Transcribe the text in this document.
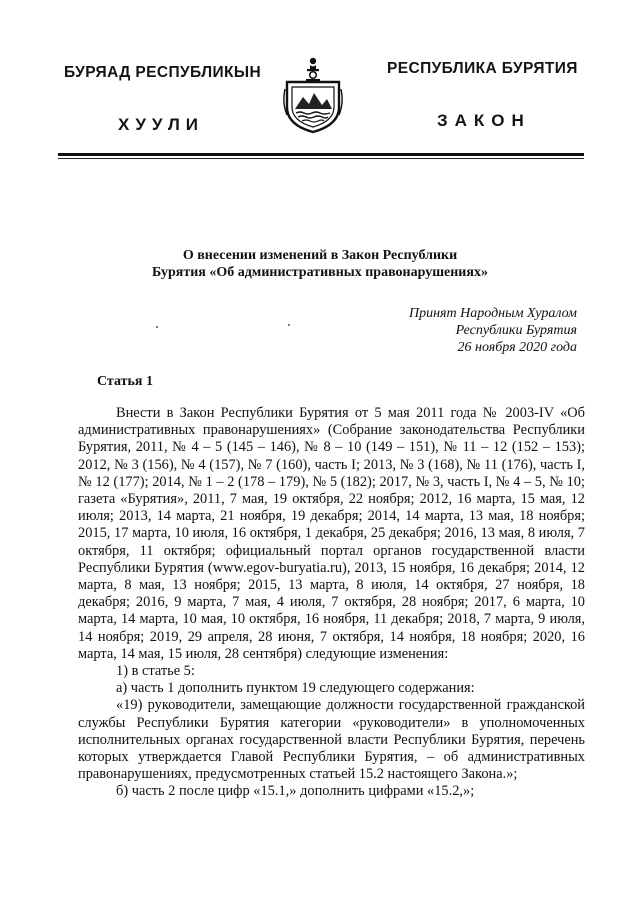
БУРЯАД РЕСПУБЛИКЫН	РЕСПУБЛИКА БУРЯТИЯ
ХУУЛИ	ЗАКОН
О внесении изменений в Закон Республики
Бурятия «Об административных правонарушениях»
Принят Народным Хуралом
Республики Бурятия
26 ноября 2020 года
Статья 1

Внести в Закон Республики Бурятия от 5 мая 2011 года № 2003-IV «Об административных правонарушениях» (Собрание законодательства Республики Бурятия, 2011, № 4 – 5 (145 – 146), № 8 – 10 (149 – 151), № 11 – 12 (152 – 153); 2012, № 3 (156), № 4 (157), № 7 (160), часть I; 2013, № 3 (168), № 11 (176), часть I, № 12 (177); 2014, № 1 – 2 (178 – 179), № 5 (182); 2017, № 3, часть I, № 4 – 5, № 10; газета «Бурятия», 2011, 7 мая, 19 октября, 22 ноября; 2012, 16 марта, 15 мая, 12 июля; 2013, 14 марта, 21 ноября, 19 декабря; 2014, 14 марта, 13 мая, 18 ноября; 2015, 17 марта, 10 июля, 16 октября, 1 декабря, 25 декабря; 2016, 13 мая, 8 июля, 7 октября, 11 октября; официальный портал органов государственной власти Республики Бурятия (www.egov-buryatia.ru), 2013, 15 ноября, 16 декабря; 2014, 12 марта, 8 мая, 13 ноября; 2015, 13 марта, 8 июля, 14 октября, 27 ноября, 18 декабря; 2016, 9 марта, 7 мая, 4 июля, 7 октября, 28 ноября; 2017, 6 марта, 10 марта, 14 марта, 10 мая, 10 октября, 16 ноября, 11 декабря; 2018, 7 марта, 9 июля, 14 ноября; 2019, 29 апреля, 28 июня, 7 октября, 14 ноября, 18 ноября; 2020, 16 марта, 14 мая, 15 июля, 28 сентября) следующие изменения:

1) в статье 5:

а) часть 1 дополнить пунктом 19 следующего содержания:

«19) руководители, замещающие должности государственной гражданской службы Республики Бурятия категории «руководители» в уполномоченных исполнительных органах государственной власти Республики Бурятия, перечень которых утверждается Главой Республики Бурятия, – об административных правонарушениях, предусмотренных статьей 15.2 настоящего Закона.»;

б) часть 2 после цифр «15.1,» дополнить цифрами «15.2,»;
